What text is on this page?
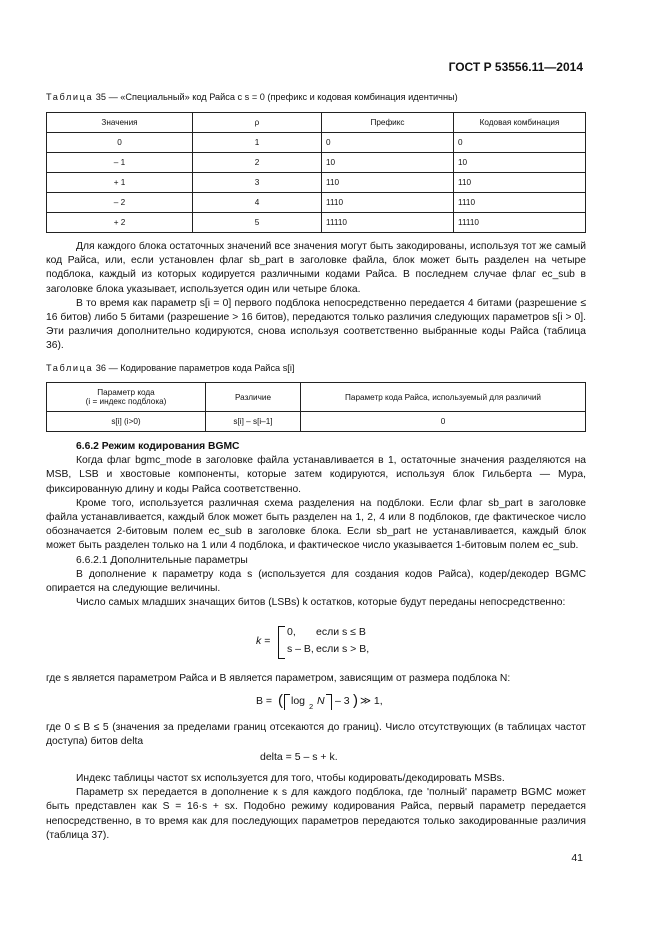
ГОСТ Р 53556.11—2014
Таблица 35 — «Специальный» код Райса с s = 0 (префикс и кодовая комбинация идентичны)
Значения	ρ	Префикс	Кодовая комбинация
0	1	0	0
– 1	2	10	10
+ 1	3	110	110
– 2	4	1110	1110
+ 2	5	11110	11110

Для каждого блока остаточных значений все значения могут быть закодированы, используя тот же самый код Райса, или, если установлен флаг sb_part в заголовке файла, блок может быть разделен на четыре подблока, каждый из которых кодируется различными кодами Райса. В последнем случае флаг ec_sub в заголовке блока указывает, используется один или четыре блока.

В то время как параметр s[i = 0] первого подблока непосредственно передается 4 битами (разрешение ≤ 16 битов) либо 5 битами (разрешение > 16 битов), передаются только различия следующих параметров s[i > 0]. Эти различия дополнительно кодируются, снова используя соответственно выбранные коды Райса (таблица 36).

Таблица 36 — Кодирование параметров кода Райса s[i]
Параметр кода
(i = индекс подблока)	Различие	Параметр кода Райса, используемый для различий
s[i] (i>0)	s[i] – s[i–1]	0

6.6.2 Режим кодирования BGMC

Когда флаг bgmc_mode в заголовке файла устанавливается в 1, остаточные значения разделяются на MSB, LSB и хвостовые компоненты, которые затем кодируются, используя блок Гильберта — Мура, фиксированную длину и коды Райса соответственно.

Кроме того, используется различная схема разделения на подблоки. Если флаг sb_part в заголовке файла устанавливается, каждый блок может быть разделен на 1, 2, 4 или 8 подблоков, где фактическое число обозначается 2-битовым полем ec_sub в заголовке блока. Если sb_part не устанавливается, каждый блок может быть разделен только на 1 или 4 подблока, и фактическое число указывается 1-битовым полем ec_sub.

6.6.2.1 Дополнительные параметры

В дополнение к параметру кода s (используется для создания кодов Райса), кодер/декодер BGMC опирается на следующие величины.

Число самых младших значащих битов (LSBs) k остатков, которые будут переданы непосредственно:

k =
0, если s ≤ B
s – B, если s > B,

где s является параметром Райса и B является параметром, зависящим от размера подблока N:

B = ( log 2 N – 3 ) ≫ 1,

где 0 ≤ B ≤ 5 (значения за пределами границ отсекаются до границ). Число отсутствующих (в таблицах частот доступа) битов delta

delta = 5 – s + k.

Индекс таблицы частот sx используется для того, чтобы кодировать/декодировать MSBs.

Параметр sx передается в дополнение к s для каждого подблока, где 'полный' параметр BGMC может быть представлен как S = 16·s + sx. Подобно режиму кодирования Райса, первый параметр передается непосредственно, в то время как для последующих параметров передаются только закодированные различия (таблица 37).

41
